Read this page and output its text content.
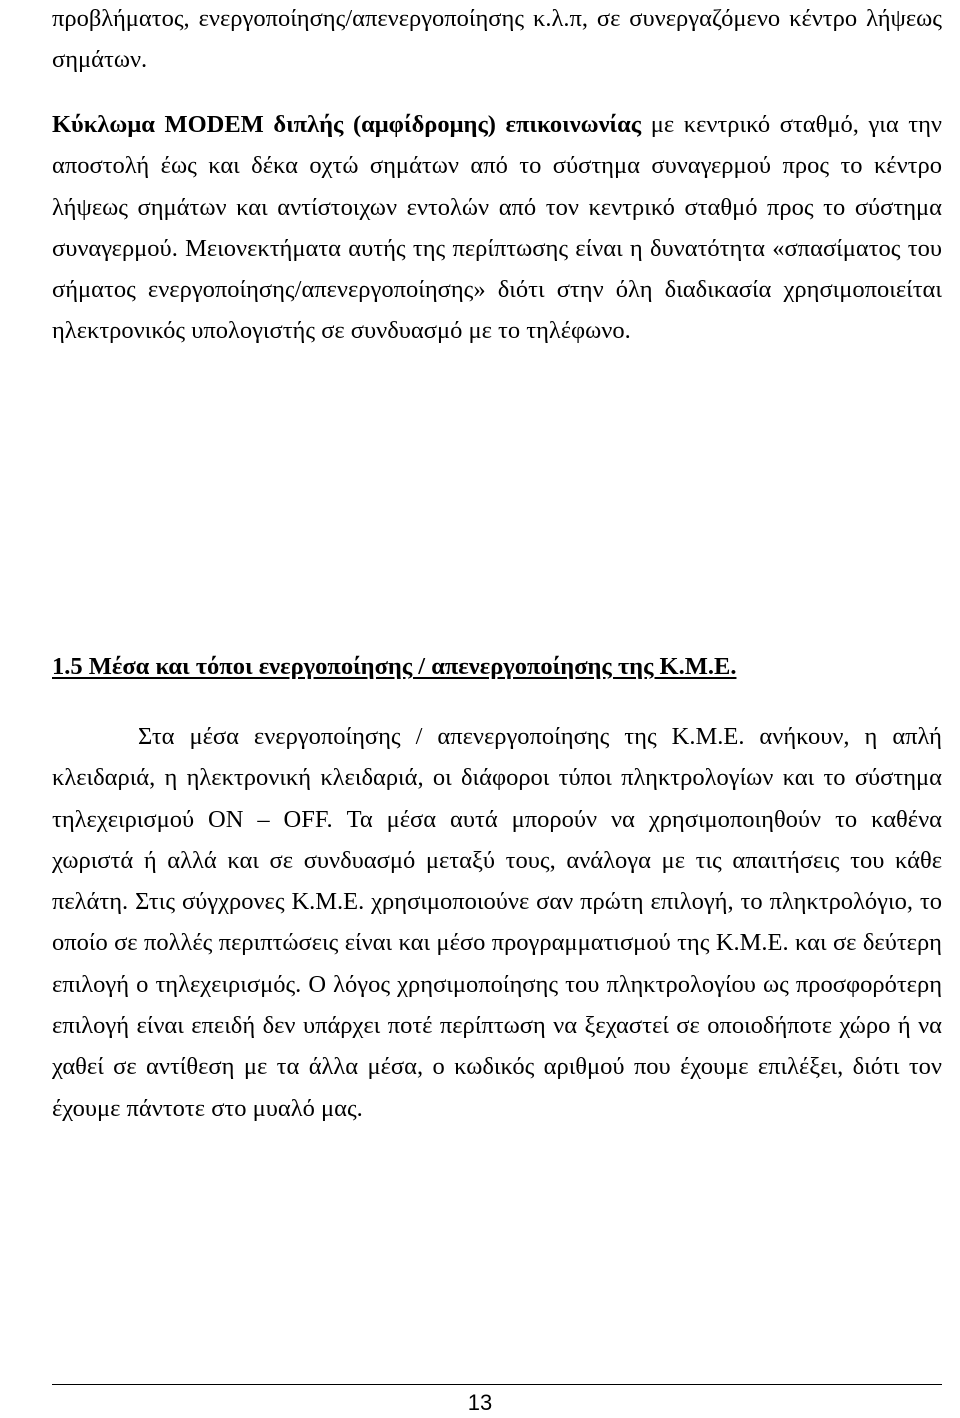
προβλήματος, ενεργοποίησης/απενεργοποίησης κ.λ.π, σε συνεργαζόμενο κέντρο λήψεως σημάτων.

Κύκλωμα MODEM διπλής (αμφίδρομης) επικοινωνίας με κεντρικό σταθμό, για την αποστολή έως και δέκα οχτώ σημάτων από το σύστημα συναγερμού προς το κέντρο λήψεως σημάτων και αντίστοιχων εντολών από τον κεντρικό σταθμό προς το σύστημα συναγερμού. Μειονεκτήματα αυτής της περίπτωσης είναι η δυνατότητα «σπασίματος του σήματος ενεργοποίησης/απενεργοποίησης» διότι στην όλη διαδικασία χρησιμοποιείται ηλεκτρονικός υπολογιστής σε συνδυασμό με το τηλέφωνο.

1.5 Μέσα και τόποι ενεργοποίησης / απενεργοποίησης της Κ.Μ.Ε.

Στα μέσα ενεργοποίησης / απενεργοποίησης της Κ.Μ.Ε. ανήκουν, η απλή κλειδαριά, η ηλεκτρονική κλειδαριά, οι διάφοροι τύποι πληκτρολογίων και το σύστημα τηλεχειρισμού ON – OFF. Τα μέσα αυτά μπορούν να χρησιμοποιηθούν το καθένα χωριστά ή αλλά και σε συνδυασμό μεταξύ τους, ανάλογα με τις απαιτήσεις του κάθε πελάτη. Στις σύγχρονες Κ.Μ.Ε. χρησιμοποιούνε σαν πρώτη επιλογή, το πληκτρολόγιο, το οποίο σε πολλές περιπτώσεις είναι και μέσο προγραμματισμού της Κ.Μ.Ε. και σε δεύτερη επιλογή ο τηλεχειρισμός. Ο λόγος χρησιμοποίησης του πληκτρολογίου ως προσφορότερη επιλογή είναι επειδή δεν υπάρχει ποτέ περίπτωση να ξεχαστεί σε οποιοδήποτε χώρο ή να χαθεί σε αντίθεση με τα άλλα μέσα, ο κωδικός αριθμού που έχουμε επιλέξει, διότι τον έχουμε πάντοτε στο μυαλό μας.

13
